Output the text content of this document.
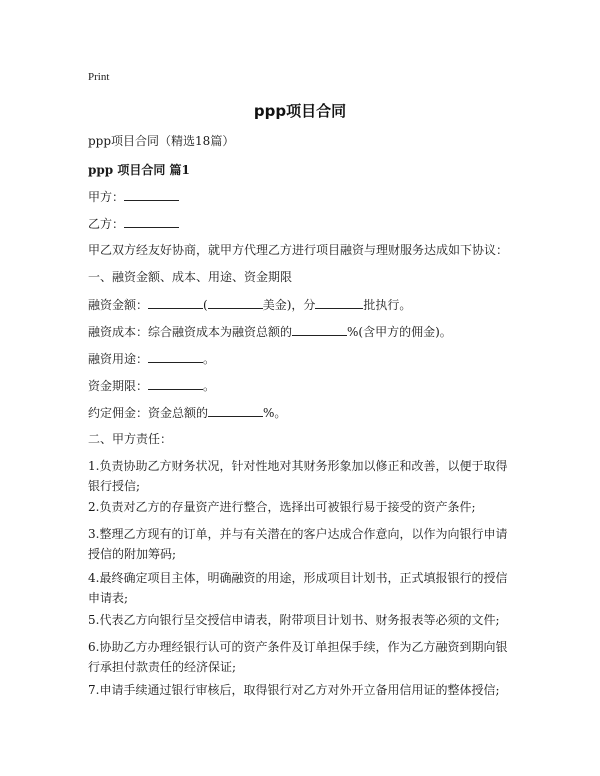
Print
ppp项目合同
ppp项目合同（精选18篇）
ppp 项目合同 篇1
甲方：
乙方：
甲乙双方经友好协商，就甲方代理乙方进行项目融资与理财服务达成如下协议：
一、融资金额、成本、用途、资金期限
融资金额：	(	美金)，分	批执行。
融资成本：综合融资成本为融资总额的	%(含甲方的佣金)。
融资用途：	。
资金期限：	。
约定佣金：资金总额的	%。
二、甲方责任：
1.负责协助乙方财务状况，针对性地对其财务形象加以修正和改善，以便于取得银行授信;
2.负责对乙方的存量资产进行整合，选择出可被银行易于接受的资产条件;
3.整理乙方现有的订单，并与有关潜在的客户达成合作意向，以作为向银行申请授信的附加筹码;
4.最终确定项目主体，明确融资的用途，形成项目计划书，正式填报银行的授信申请表;
5.代表乙方向银行呈交授信申请表，附带项目计划书、财务报表等必须的文件;
6.协助乙方办理经银行认可的资产条件及订单担保手续，作为乙方融资到期向银行承担付款责任的经济保证;
7.申请手续通过银行审核后，取得银行对乙方对外开立备用信用证的整体授信;
